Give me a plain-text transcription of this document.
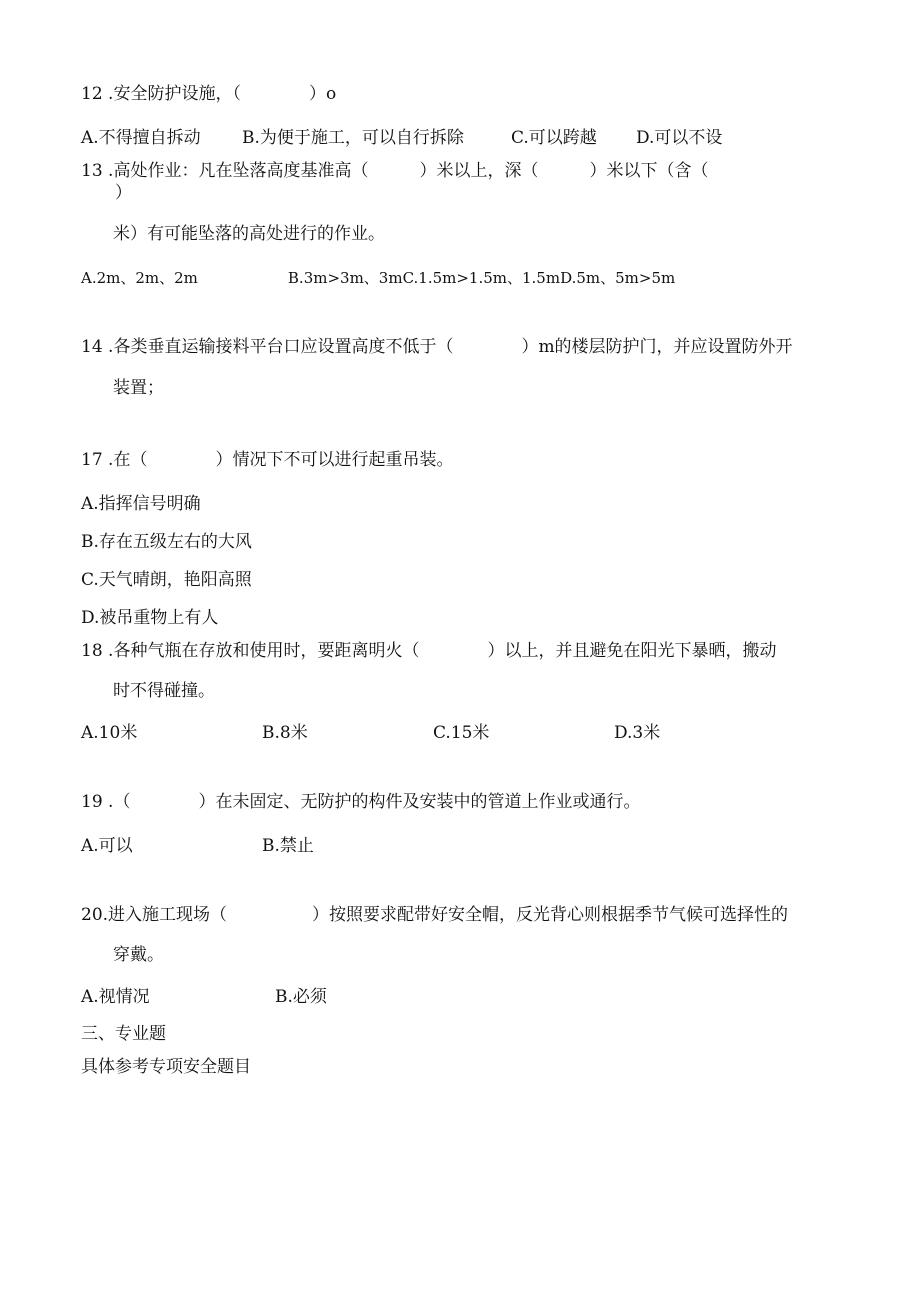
12 .安全防护设施，（　　　　）o
A.不得擅自拆动 B.为便于施工，可以自行拆除	C.可以跨越 D.可以不设
13 .高处作业：凡在坠落高度基准高（　　　）米以上，深（　　　）米以下（含（
）
米）有可能坠落的高处进行的作业。
A.2m、2m、2m　　　　　　B.3m>3m、3mC.1.5m>1.5m、1.5mD.5m、5m>5m
14 .各类垂直运输接料平台口应设置高度不低于（　　　　）m的楼层防护门，并应设置防外开
装置；
17 .在（　　　　）情况下不可以进行起重吊装。
A.指挥信号明确
B.存在五级左右的大风
C.天气晴朗，艳阳高照
D.被吊重物上有人
18 .各种气瓶在存放和使用时，要距离明火（　　　　）以上，并且避免在阳光下暴晒，搬动
时不得碰撞。
A.10米	B.8米	C.15米	D.3米
19 .（　　　　）在未固定、无防护的构件及安装中的管道上作业或通行。
A.可以	B.禁止
20.进入施工现场（　　　　　）按照要求配带好安全帽，反光背心则根据季节气候可选择性的
穿戴。
A.视情况	B.必须
三、专业题
具体参考专项安全题目
